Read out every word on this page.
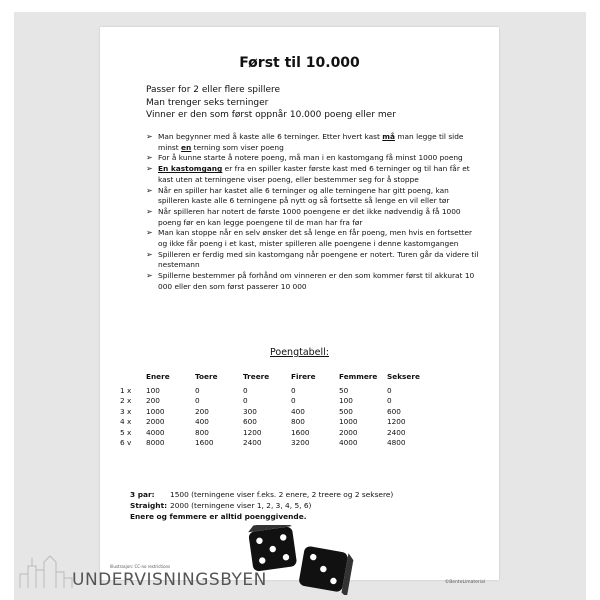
Først til 10.000
Passer for 2 eller flere spillere
Man trenger seks terninger
Vinner er den som først oppnår 10.000 poeng eller mer
➢ Man begynner med å kaste alle 6 terninger. Etter hvert kast må man legge til side minst en terning som viser poeng
➢ For å kunne starte å notere poeng, må man i en kastomgang få minst 1000 poeng
➢ En kastomgang er fra en spiller kaster første kast med 6 terninger og til han får et kast uten at terningene viser poeng, eller bestemmer seg for å stoppe
➢ Når en spiller har kastet alle 6 terninger og alle terningene har gitt poeng, kan spilleren kaste alle 6 terningene på nytt og så fortsette så lenge en vil eller tør
➢ Når spilleren har notert de første 1000 poengene er det ikke nødvendig å få 1000 poeng før en kan legge poengene til de man har fra før
➢ Man kan stoppe når en selv ønsker det så lenge en får poeng, men hvis en fortsetter og ikke får poeng i et kast, mister spilleren alle poengene i denne kastomgangen
➢ Spilleren er ferdig med sin kastomgang når poengene er notert. Turen går da videre til nestemann
➢ Spillerne bestemmer på forhånd om vinneren er den som kommer først til akkurat 10 000 eller den som først passerer 10 000
Poengtabell:
	Enere	Toere	Treere	Firere	Femmere	Seksere
1 x	100	0	0	0	50	0
2 x	200	0	0	0	100	0
3 x	1000	200	300	400	500	600
4 x	2000	400	600	800	1000	1200
5 x	4000	800	1200	1600	2000	2400
6 v	8000	1600	2400	3200	4000	4800
3 par: 1500 (terningene viser f.eks. 2 enere, 2 treere og 2 seksere)
Straight: 2000 (terningene viser 1, 2, 3, 4, 5, 6)
Enere og femmere er alltid poenggivende.
Illustrasjon: CC-no restrictions
©BenteLimaterial
UNDERVISNINGSBYEN
